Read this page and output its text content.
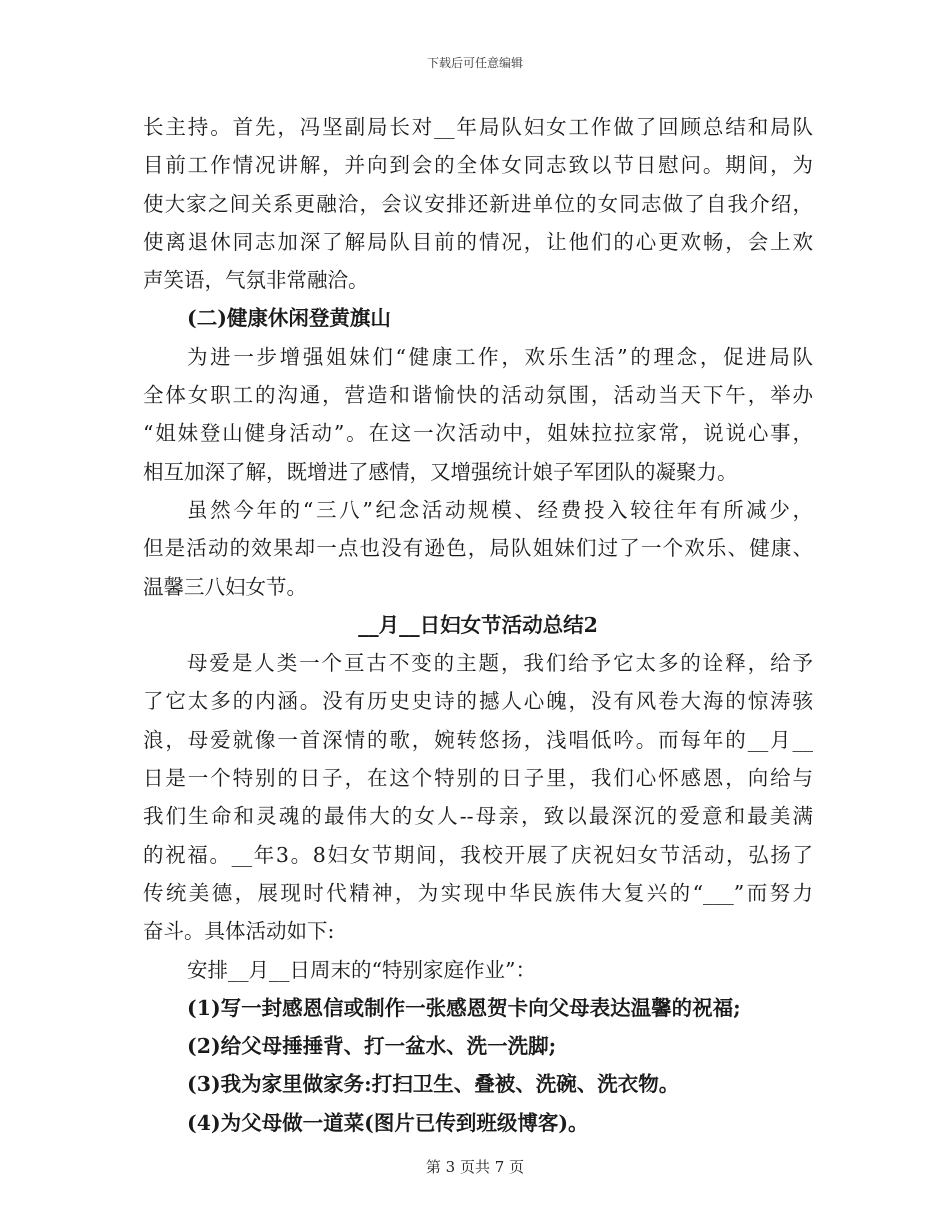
下载后可任意编辑
长主持。首先，冯坚副局长对__年局队妇女工作做了回顾总结和局队
目前工作情况讲解，并向到会的全体女同志致以节日慰问。期间，为
使大家之间关系更融洽，会议安排还新进单位的女同志做了自我介绍，
使离退休同志加深了解局队目前的情况，让他们的心更欢畅，会上欢
声笑语，气氛非常融洽。
(二)健康休闲登黄旗山
为进一步增强姐妹们“健康工作，欢乐生活”的理念，促进局队
全体女职工的沟通，营造和谐愉快的活动氛围，活动当天下午，举办
“姐妹登山健身活动”。在这一次活动中，姐妹拉拉家常，说说心事，
相互加深了解，既增进了感情，又增强统计娘子军团队的凝聚力。
虽然今年的“三八”纪念活动规模、经费投入较往年有所减少，
但是活动的效果却一点也没有逊色，局队姐妹们过了一个欢乐、健康、
温馨三八妇女节。
__月__日妇女节活动总结2
母爱是人类一个亘古不变的主题，我们给予它太多的诠释，给予
了它太多的内涵。没有历史史诗的撼人心魄，没有风卷大海的惊涛骇
浪，母爱就像一首深情的歌，婉转悠扬，浅唱低吟。而每年的__月__
日是一个特别的日子，在这个特别的日子里，我们心怀感恩，向给与
我们生命和灵魂的最伟大的女人--母亲，致以最深沉的爱意和最美满
的祝福。__年3。8妇女节期间，我校开展了庆祝妇女节活动，弘扬了
传统美德，展现时代精神，为实现中华民族伟大复兴的“___”而努力
奋斗。具体活动如下:
安排__月__日周末的“特别家庭作业”：
(1)写一封感恩信或制作一张感恩贺卡向父母表达温馨的祝福;
(2)给父母捶捶背、打一盆水、洗一洗脚;
(3)我为家里做家务:打扫卫生、叠被、洗碗、洗衣物。
(4)为父母做一道菜(图片已传到班级博客)。
第 3 页共 7 页
